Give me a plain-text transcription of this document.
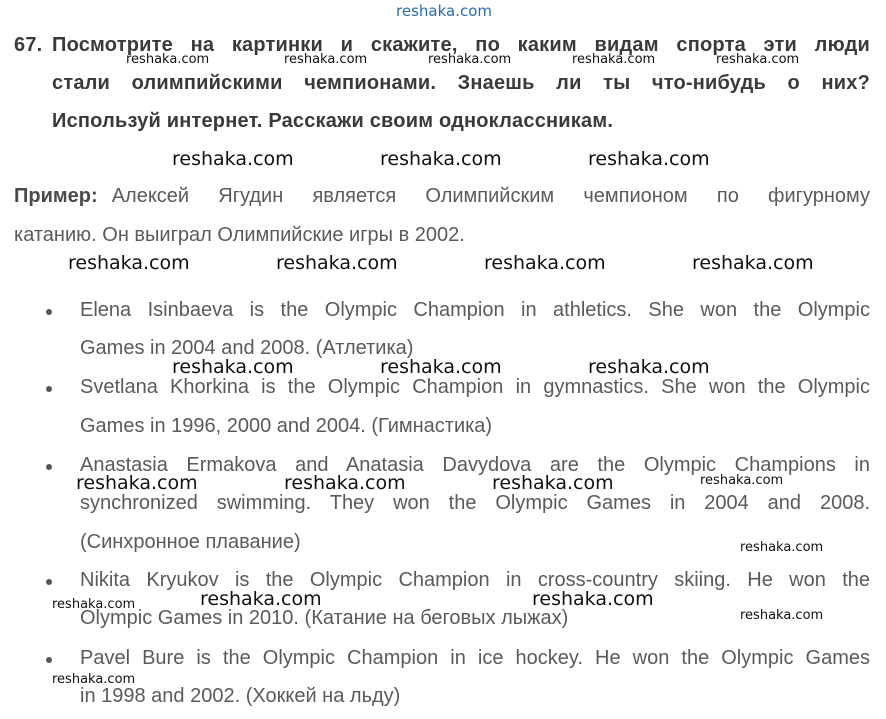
reshaka.com
67. Посмотрите на картинки и скажите, по каким видам спорта эти люди
стали олимпийскими чемпионами. Знаешь ли ты что-нибудь о них?
Используй интернет. Расскажи своим одноклассникам.
Пример: Алексей Ягудин является Олимпийским чемпионом по фигурному
катанию. Он выиграл Олимпийские игры в 2002.
Elena Isinbaeva is the Olympic Champion in athletics. She won the Olympic
Games in 2004 and 2008. (Атлетика)
Svetlana Khorkina is the Olympic Champion in gymnastics. She won the Olympic
Games in 1996, 2000 and 2004. (Гимнастика)
Anastasia Ermakova and Anatasia Davydova are the Olympic Champions in
synchronized swimming. They won the Olympic Games in 2004 and 2008.
(Синхронное плавание)
Nikita Kryukov is the Olympic Champion in cross-country skiing. He won the
Olympic Games in 2010. (Катание на беговых лыжах)
Pavel Bure is the Olympic Champion in ice hockey. He won the Olympic Games
in 1998 and 2002. (Хоккей на льду)
reshaka.com	reshaka.com	reshaka.com	reshaka.com	reshaka.com
reshaka.com	reshaka.com	reshaka.com
reshaka.com	reshaka.com	reshaka.com	reshaka.com
reshaka.com	reshaka.com	reshaka.com
reshaka.com	reshaka.com	reshaka.com	reshaka.com
reshaka.com
reshaka.com	reshaka.com	reshaka.com
reshaka.com
reshaka.com
